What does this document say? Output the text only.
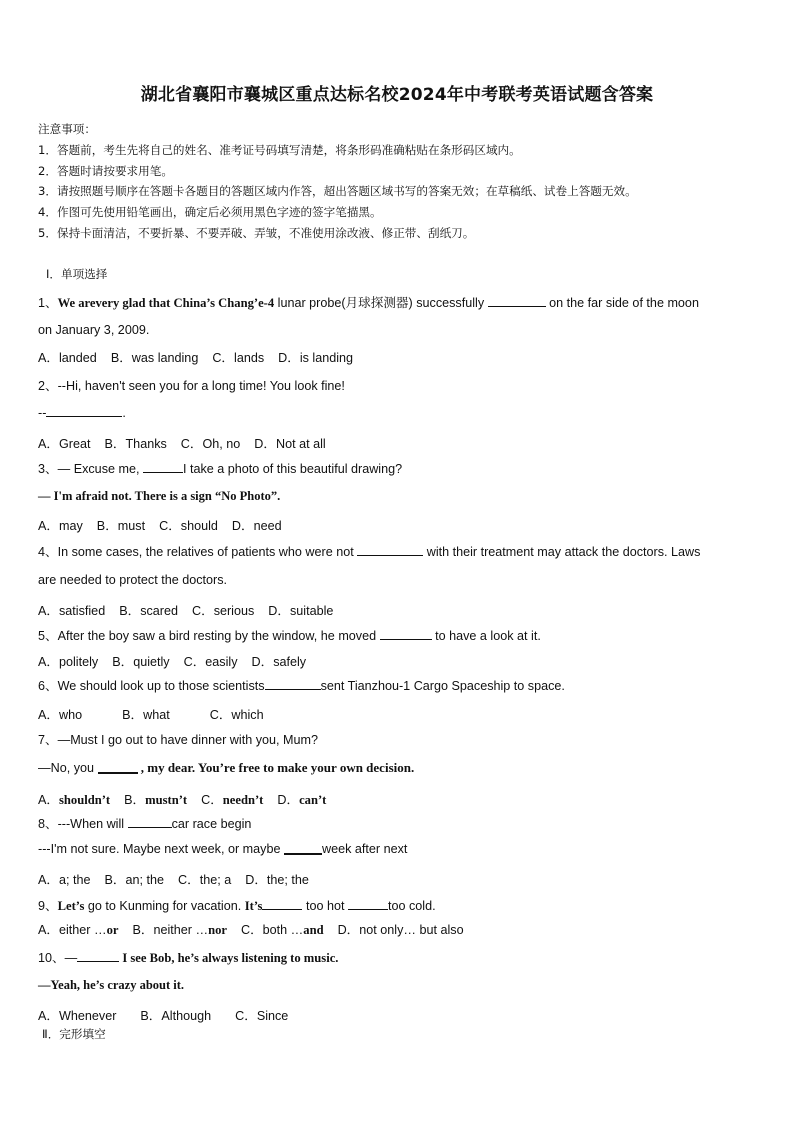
湖北省襄阳市襄城区重点达标名校2024年中考联考英语试题含答案
注意事项：
1．答题前，考生先将自己的姓名、准考证号码填写清楚，将条形码准确粘贴在条形码区域内。
2．答题时请按要求用笔。
3．请按照题号顺序在答题卡各题目的答题区域内作答，超出答题区域书写的答案无效；在草稿纸、试卷上答题无效。
4．作图可先使用铅笔画出，确定后必须用黑色字迹的签字笔描黑。
5．保持卡面清洁，不要折暴、不要弄破、弄皱，不准使用涂改液、修正带、刮纸刀。
Ⅰ．单项选择
1、We arevery glad that China’s Chang’e-4 lunar probe(月球探测器) successfully	on the far side of the moon
on January 3, 2009.
A．landed B．was landing C．lands D．is landing
2、--Hi, haven't seen you for a long time! You look fine!
--	.
A．Great B．Thanks C．Oh, no D．Not at all
3、— Excuse me,	I take a photo of this beautiful drawing?
— I'm afraid not. There is a sign “No Photo”.
A．may B．must C．should D．need
4、In some cases, the relatives of patients who were not	with their treatment may attack the doctors. Laws
are needed to protect the doctors.
A．satisfied B．scared C．serious D．suitable
5、After the boy saw a bird resting by the window, he moved	to have a look at it.
A．politely B．quietly C．easily D．safely
6、We should look up to those scientists	sent Tianzhou-1 Cargo Spaceship to space.
A．who	B．what	C．which
7、—Must I go out to have dinner with you, Mum?
—No, you	, my dear. You’re free to make your own decision.
A．shouldn’t B．mustn’t C．needn’t D．can’t
8、---When will	car race begin
---I'm not sure. Maybe next week, or maybe	week after next
A．a; the B．an; the C．the; a D．the; the
9、Let’s go to Kunming for vacation. It’s	too hot	too cold.
A．either …or B．neither …nor C．both …and D．not only… but also
10、—	I see Bob, he’s always listening to music.
—Yeah, he’s crazy about it.
A．Whenever B．Although C．Since
Ⅱ．完形填空
